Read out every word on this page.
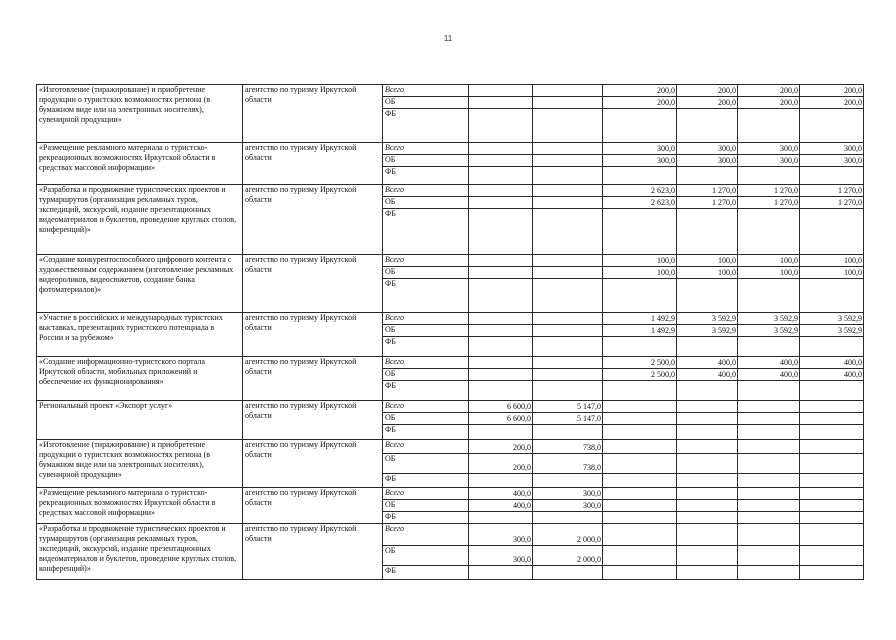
11
«Изготовление (тиражирование) и приобретение продукции о туристских возможностях региона (в бумажном виде или на электронных носителях), сувенирной продукции»	агентство по туризму Иркутской области	Всего			200,0	200,0	200,0	200,0
		ОБ			200,0	200,0	200,0	200,0
		ФБ						
«Размещение рекламного материала о туристско-рекреационных возможностях Иркутской области в средствах массовой информации»	агентство по туризму Иркутской области	Всего			300,0	300,0	300,0	300,0
		ОБ			300,0	300,0	300,0	300,0
		ФБ						
«Разработка и продвижение туристических проектов и турмаршрутов (организация рекламных туров, экспедиций, экскурсий, издание презентационных видеоматериалов и буклетов, проведение круглых столов, конференций)»	агентство по туризму Иркутской области	Всего			2 623,0	1 270,0	1 270,0	1 270,0
		ОБ			2 623,0	1 270,0	1 270,0	1 270,0
		ФБ						
«Создание конкурентоспособного цифрового контента с художественным содержанием (изготовление рекламных видеороликов, видеосюжетов, создание банка фотоматериалов)»	агентство по туризму Иркутской области	Всего			100,0	100,0	100,0	100,0
		ОБ			100,0	100,0	100,0	100,0
		ФБ						
«Участие в российских и международных туристских выставках, презентациях туристского потенциала в России и за рубежом»	агентство по туризму Иркутской области	Всего			1 492,9	3 592,9	3 592,9	3 592,9
		ОБ			1 492,9	3 592,9	3 592,9	3 592,9
		ФБ						
«Создание информационно-туристского портала Иркутской области, мобильных приложений и обеспечение их функционирования»	агентство по туризму Иркутской области	Всего			2 500,0	400,0	400,0	400,0
		ОБ			2 500,0	400,0	400,0	400,0
		ФБ						
Региональный проект «Экспорт услуг»	агентство по туризму Иркутской области	Всего	6 600,0	5 147,0				
		ОБ	6 600,0	5 147,0				
		ФБ						
«Изготовление (тиражирование) и приобретение продукции о туристских возможностях региона (в бумажном виде или на электронных носителях), сувенирной продукции»	агентство по туризму Иркутской области	Всего	200,0	738,0				
		ОБ	200,0	738,0				
		ФБ						
«Размещение рекламного материала о туристско-рекреационных возможностях Иркутской области в средствах массовой информации»	агентство по туризму Иркутской области	Всего	400,0	300,0				
		ОБ	400,0	300,0				
		ФБ						
«Разработка и продвижение туристических проектов и турмаршрутов (организация рекламных туров, экспедиций, экскурсий, издание презентационных видеоматериалов и буклетов, проведение круглых столов, конференций)»	агентство по туризму Иркутской области	Всего	300,0	2 000,0				
		ОБ	300,0	2 000,0				
		ФБ						
